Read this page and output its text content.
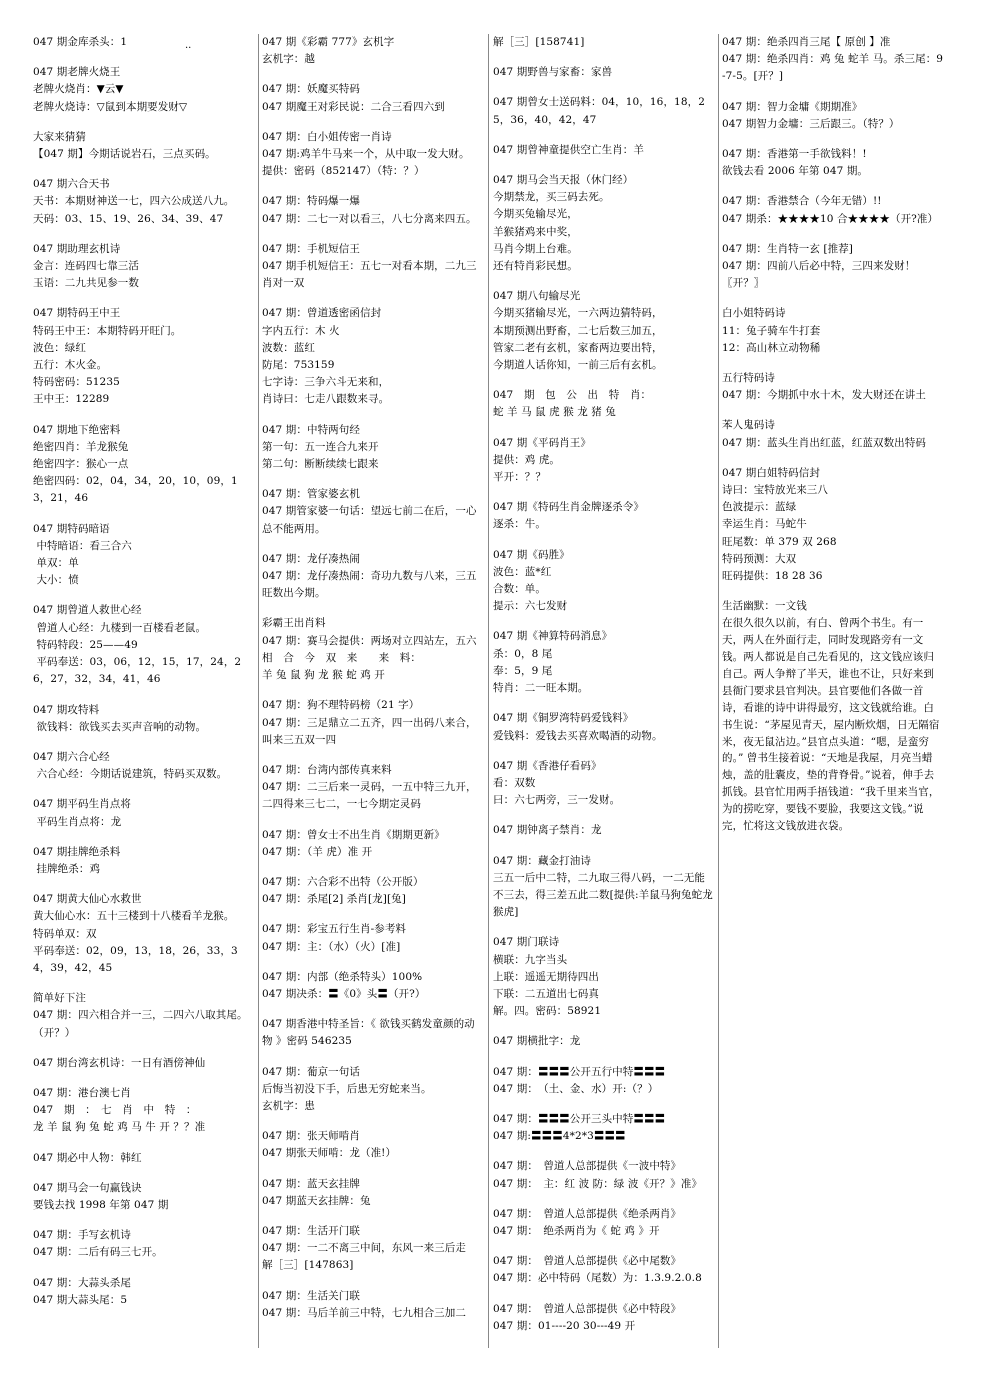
..
047 期金库杀头：1
047 期老牌火烧王
老牌火烧肖：▼云▼
老牌火烧诗：▽鼠到本期要发财▽
大家来猜猜
【047 期】今期话说岩石，三点买码。
047 期六合天书
天书：本期财神送一七，四六公成送八九。
天码：03、15、19、26、34、39、47
047 期助理玄机诗
金言：连码四七靠三活
玉语：二九共见参一数
047 期特码王中王
特码王中王：本期特码开旺门。
波色：绿红
五行：木火金。
特码密码：51235
王中王：12289
047 期地下绝密料
绝密四肖：羊龙猴兔
绝密四字：猴心一点
绝密四码：02，04，34，20，10，09，13，21，46
047 期特码暗语
中特暗语：看三合六
单双：单
大小：愤
047 期曾道人救世心经
曾道人心经：九楼到一百楼看老鼠。
特码特段：25——49
平码奉送：03，06，12，15，17，24，26，27，32，34，41，46
047 期攻特料
欲钱料：欲钱买去买声音响的动物。
047 期六合心经
六合心经：今期话说建筑，特码买双数。
047 期平码生肖点将
平码生肖点将：龙
047 期挂牌绝杀料
挂牌绝杀：鸡
047 期黄大仙心水救世
黄大仙心水：五十三楼到十八楼看羊龙猴。
特码单双：双
平码奉送：02，09，13，18，26，33，34，39，42，45
简单好下注
047 期：四六相合并一三，二四六八取其尾。（开？）
047 期台湾玄机诗：一日有酒傍神仙
047 期：港台澳七肖
047　期　：　七　肖　中　特　：
龙 羊 鼠 狗 兔 蛇 鸡 马 牛 开 ？？准
047 期必中人物：韩红
047 期马会一句赢钱诀
要钱去找 1998 年第 047 期
047 期：手写玄机诗
047 期：二后有码三七开。
047 期：大蒜头杀尾
047 期大蒜头尾：5
047 期《彩霸 777》玄机字
玄机字：越
047 期：妖魔买特码
047 期魔王对彩民说：二合三看四六到
047 期：白小姐传密一肖诗
047 期:鸡羊牛马来一个，从中取一发大财。
提供：密码（852147）（特：？）
047 期：特码爆一爆
047 期：二七一对以看三，八七分离来四五。
047 期：手机短信王
047 期手机短信王：五七一对看本期，二九三肖对一双
047 期：曾道透密函信封
字内五行：木 火
波数：蓝红
防尾：753159
七字诗：三争六斗无来和，
肖诗曰：七走八跟数来寻。
047 期：中特两句经
第一句：五一连合九来开
第二句：断断续续七跟来
047 期：管家婆玄机
047 期管家婆一句话：望远七前二在后，一心总不能两用。
047 期：龙仔凑热闹
047 期：龙仔凑热闹：奇功九数与八来，三五旺数出今期。
彩霸王出肖料
047 期：赛马会提供：两场对立四站左，五六　相　合　今　双　来　　来　料：
羊 兔 鼠 狗 龙 猴 蛇 鸡 开
047 期：狗不理特码榜（21 字）
047 期：三足鼎立二五齐，四一出码八来合，叫来三五双一四
047 期：台湾内部传真来料
047 期：二三后来一灵码，一五中特三九开，二四得来三七二，一七今期定灵码
047 期：曾女士不出生肖《期期更新》
047 期：（羊 虎）准 开
047 期：六合彩不出特（公开版）
047 期：杀尾[2] 杀肖[龙][兔]
047 期：彩宝五行生肖-参考料
047 期：主：（水）（火）[准]
047 期：内部（绝杀特头）100%
047 期决杀：〓《0》头〓（开?）
047 期香港中特圣旨：《 欲钱买鹤发童颜的动物 》密码 546235
047 期：葡京一句话
后悔当初没下手，后患无穷蛇来当。
玄机字：患
047 期：张天师啃肖
047 期张天师啃：龙（准!）
047 期：蓝天玄挂牌
047 期蓝天玄挂牌：兔
047 期：生活开门联
047 期：一二不离三中间，东风一来三后走
解［三］[147863]
047 期：生活关门联
047 期：马后羊前三中特，七九相合三加二
解［三］[158741]
047 期野兽与家畜：家兽
047 期曾女士送码料：04，10，16，18，25，36，40，42，47
047 期曾神童提供空亡生肖：羊
047 期马会当天报（休门经）
今期禁龙，买三码去死。
今期买兔输尽光，
羊猴猪鸡来中奖，
马肖今期上台难。
还有特肖彩民想。
047 期八句输尽光
今期买猪输尽光，一六两边猜特码，
本期预测出野畜，二七后数三加五，
管家二老有玄机，家畜两边要出特，
今期道人话你知，一前三后有玄机。
047　期　包　公　出　特　肖：
蛇 羊 马 鼠 虎 猴 龙 猪 兔
047 期《平码肖王》
提供：鸡 虎。
平开：？？
047 期《特码生肖金牌逐杀令》
逐杀：牛。
047 期《码胜》
波色：蓝*红
合数：单。
提示：六七发财
047 期《神算特码消息》
杀：0，8 尾
奉：5，9 尾
特肖：二一旺本期。
047 期《铜罗湾特码爱钱料》
爱钱料：爱钱去买喜欢喝酒的动物。
047 期《香港仔看码》
看：双数
曰：六七两旁，三一发财。
047 期钟离子禁肖：龙
047 期：藏金打油诗
三五一后中二特，二九取三得八码，一二无能不三去，得三差五此二数[提供:羊鼠马狗兔蛇龙猴虎]
047 期门联诗
横联：九字当头
上联：遥遥无期待四出
下联：二五道出七码真
解。四。密码：58921
047 期横批字：龙
047 期：〓〓〓公开五行中特〓〓〓
047 期：　（土、金、水）开:（？）
047 期：〓〓〓公开三头中特〓〓〓
047 期:〓〓〓4*2*3〓〓〓
047 期：　曾道人总部提供《一波中特》
047 期：　主：红 波 防：绿 波《开？》准》
047 期：　曾道人总部提供《绝杀两肖》
047 期：　绝杀两肖为《 蛇 鸡 》开
047 期：　曾道人总部提供《必中尾数》
047 期：必中特码（尾数）为：1.3.9.2.0.8
047 期：　曾道人总部提供《必中特段》
047 期：01----20 30---49 开
047 期：绝杀四肖三尾【 原创 】准
047 期：绝杀四肖：鸡 兔 蛇羊 马。杀三尾：9-7-5。[开？]
047 期：智力金墉《期期准》
047 期智力金墉：三后跟三。（特？）
047 期：香港第一手欲钱料！!
欲钱去看 2006 年第 047 期。
047 期：香港禁合（今年无错）!!
047 期杀：★★★★10 合★★★★（开?准）
047 期：生肖特一玄 [推荐]
047 期：四前八后必中特，三四来发财！〖开？〗
白小姐特码诗
11：兔子骑车牛打套
12：高山林立动物稀
五行特码诗
047 期：今期抓中水十木，发大财还在讲土
苯人鬼码诗
047 期：蓝头生肖出红蓝，红蓝双数出特码
047 期白姐特码信封
诗曰：宝特放光来三八
色波提示：蓝绿
幸运生肖：马蛇牛
旺尾数：单 379 双 268
特码预测：大双
旺码提供：18 28 36
生活幽默：一文钱
在很久很久以前，有白、曾两个书生。有一天，两人在外面行走，同时发现路旁有一文钱。两人都说是自己先看见的，这文钱应该归自己。两人争辩了半天，谁也不让，只好来到县衙门要求县官判决。县官要他们各做一首诗，看谁的诗中讲得最穷，这文钱就给谁。白书生说：“茅屋见青天，屋内断炊烟，日无隔宿米，夜无鼠沾边。”县官点头道：“嗯，是蛮穷的。” 曾书生接着说：“天地是我屋，月亮当蜡烛，盖的肚囊皮，垫的背脊骨。”说着，伸手去抓钱。县官忙用两手捂钱道：“我千里来当官，为的捞吃穿，要钱不要脸，我要这文钱。”说完，忙将这文钱放进衣袋。
